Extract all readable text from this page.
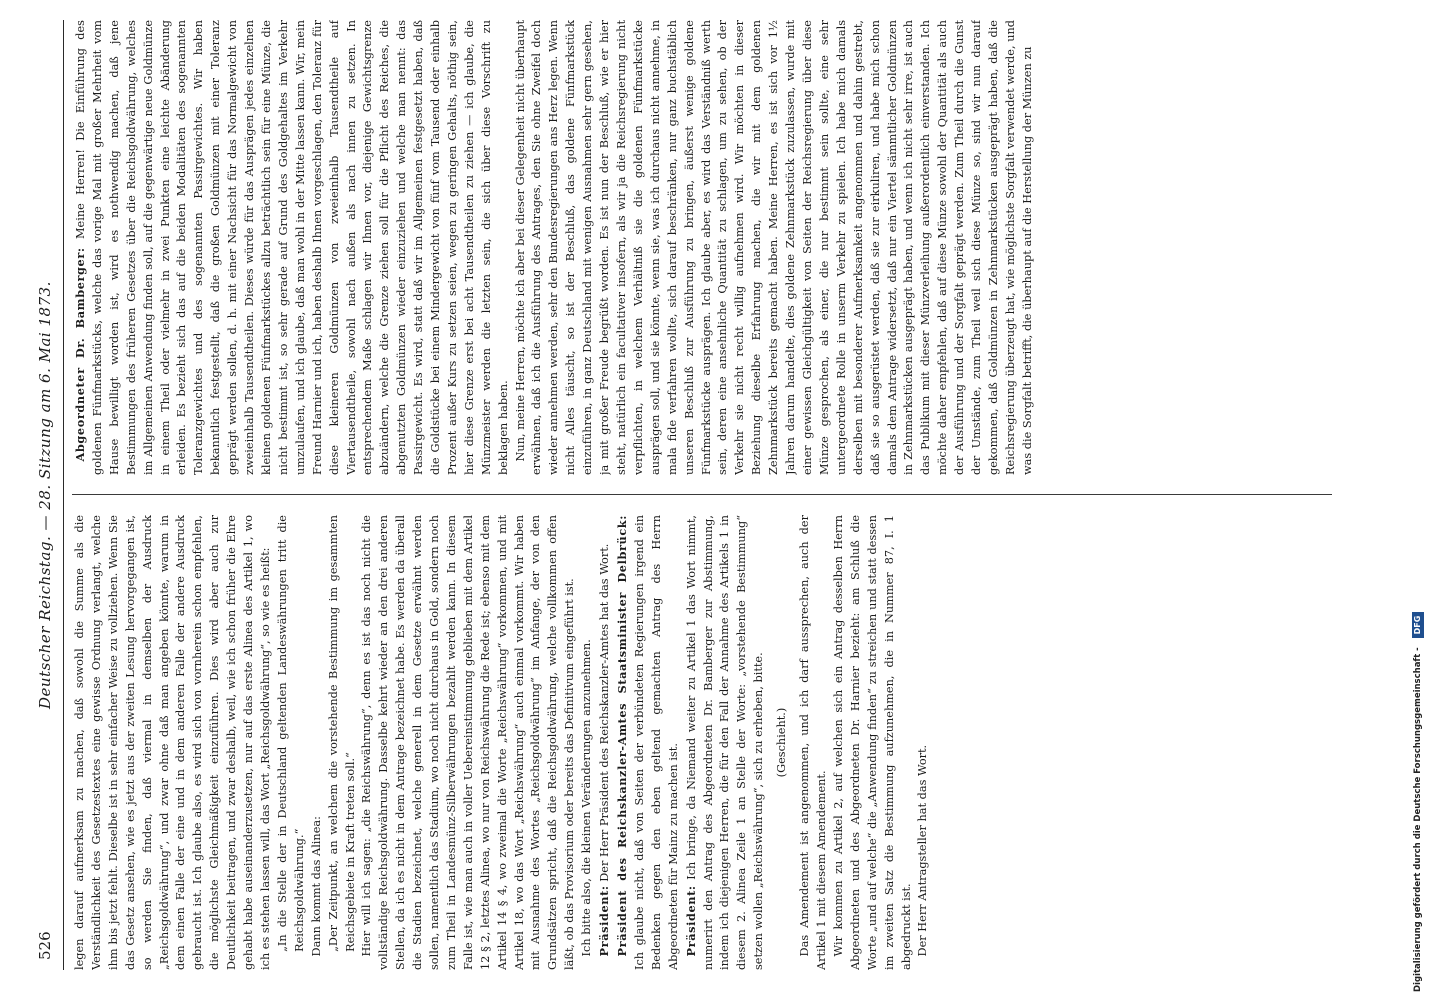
526
Deutscher Reichstag. — 28. Sitzung am 6. Mai 1873.

legen darauf aufmerksam zu machen, daß sowohl die Summe als die Verständlichkeit des Gesetzestextes eine gewisse Ordnung verlangt, welche ihm bis jetzt fehlt. Dieselbe ist in sehr einfacher Weise zu vollziehen. Wenn Sie das Gesetz ansehen, wie es jetzt aus der zweiten Lesung hervorgegangen ist, so werden Sie finden, daß viermal in demselben der Ausdruck „Reichsgoldwährung“, und zwar ohne daß man angeben könnte, warum in dem einen Falle der eine und in dem anderen Falle der andere Ausdruck gebraucht ist. Ich glaube also, es wird sich von vornherein schon empfehlen, die möglichste Gleichmäßigkeit einzuführen. Dies wird aber auch zur Deutlichkeit beitragen, und zwar deshalb, weil, wie ich schon früher die Ehre gehabt habe auseinanderzusetzen, nur auf das erste Alinea des Artikel 1, wo ich es stehen lassen will, das Wort „Reichsgoldwährung“, so wie es heißt: „In die Stelle der in Deutschland geltenden Landeswährungen tritt die Reichsgoldwährung.“ Dann kommt das Alinea: „Der Zeitpunkt, an welchem die vorstehende Bestimmung im gesammten Reichsgebiete in Kraft treten soll.“ Hier will ich sagen: „die Reichswährung“, denn es ist das noch nicht die vollständige Reichsgoldwährung. Dasselbe kehrt wieder an den drei anderen Stellen, da ich es nicht in dem Antrage bezeichnet habe. Es werden da überall die Stadien bezeichnet, welche generell in dem Gesetze erwähnt werden sollen, namentlich das Stadium, wo noch nicht durchaus in Gold, sondern noch zum Theil in Landesmünz-Silberwährungen bezahlt werden kann. In diesem Falle ist, wie man auch in voller Uebereinstimmung geblieben mit dem Artikel 12 § 2, letztes Alinea, wo nur von Reichswährung die Rede ist; ebenso mit dem Artikel 14 § 4, wo zweimal die Worte „Reichswährung“ vorkommen, und mit Artikel 18, wo das Wort „Reichswährung“ auch einmal vorkommt. Wir haben mit Ausnahme des Wortes „Reichsgoldwährung“ im Anfange, der von den Grundsätzen spricht, daß die Reichsgoldwährung, welche vollkommen offen läßt, ob das Provisorium oder bereits das Definitivum eingeführt ist. Ich bitte also, die kleinen Veränderungen anzunehmen. Präsident: Der Herr Präsident des Reichskanzler-Amtes hat das Wort. Präsident des Reichskanzler-Amtes Staatsminister Delbrück: Ich glaube nicht, daß von Seiten der verbündeten Regierungen irgend ein Bedenken gegen den eben geltend gemachten Antrag des Herrn Abgeordneten für Mainz zu machen ist. Präsident: Ich bringe, da Niemand weiter zu Artikel 1 das Wort nimmt, numerirt den Antrag des Abgeordneten Dr. Bamberger zur Abstimmung, indem ich diejenigen Herren, die für den Fall der Annahme des Artikels 1 in diesem 2. Alinea Zeile 1 an Stelle der Worte: „vorstehende Bestimmung“ setzen wollen „Reichswährung“, sich zu erheben, bitte. (Geschieht.) Das Amendement ist angenommen, und ich darf aussprechen, auch der Artikel 1 mit diesem Amendement. Wir kommen zu Artikel 2, auf welchen sich ein Antrag desselben Herrn Abgeordneten und des Abgeordneten Dr. Harnier bezieht: am Schluß die Worte „und auf welche“ die „Anwendung finden“ zu streichen und statt dessen im zweiten Satz die Bestimmung aufzunehmen, die in Nummer 87, I. 1 abgedruckt ist. Der Herr Antragsteller hat das Wort.

Abgeordneter Dr. Bamberger: Meine Herren! Die Einführung des goldenen Fünfmarkstücks, welche das vorige Mal mit großer Mehrheit vom Hause bewilligt worden ist, wird es nothwendig machen, daß jene Bestimmungen des früheren Gesetzes über die Reichsgoldwährung, welches im Allgemeinen Anwendung finden soll, auf die gegenwärtige neue Goldmünze in einem Theil oder vielmehr in zwei Punkten eine leichte Abänderung erleiden. Es bezieht sich das auf die beiden Modalitäten des sogenannten Toleranzgewichtes und des sogenannten Passirgewichtes. Wir haben bekanntlich festgestellt, daß die großen Goldmünzen mit einer Toleranz geprägt werden sollen, d. h. mit einer Nachsicht für das Normalgewicht von zweieinhalb Tausendtheilen. Dieses würde für das Ausprägen jedes einzelnen kleinen goldenen Fünfmarkstückes allzu beträchtlich sein für eine Münze, die nicht bestimmt ist, so sehr gerade auf Grund des Goldgehaltes im Verkehr umzulaufen, und ich glaube, daß man wohl in der Mitte lassen kann. Wir, mein Freund Harnier und ich, haben deshalb Ihnen vorgeschlagen, den Toleranz für diese kleineren Goldmünzen von zweieinhalb Tausendtheile auf Viertausendtheile, sowohl nach außen als nach innen zu setzen. In entsprechendem Maße schlagen wir Ihnen vor, diejenige Gewichtsgrenze abzuändern, welche die Grenze ziehen soll für die Pflicht des Reiches, die abgenutzten Goldmünzen wieder einzuziehen und welche man nennt: das Passirgewicht. Es wird, statt daß wir im Allgemeinen festgesetzt haben, daß die Goldstücke bei einem Mindergewicht von fünf vom Tausend oder einhalb Prozent außer Kurs zu setzen seien, wegen zu geringen Gehalts, nöthig sein, hier diese Grenze erst bei acht Tausendtheilen zu ziehen — ich glaube, die Münzmeister werden die letzten sein, die sich über diese Vorschrift zu beklagen haben. Nun, meine Herren, möchte ich aber bei dieser Gelegenheit nicht überhaupt erwähnen, daß ich die Ausführung des Antrages, den Sie ohne Zweifel doch wieder annehmen werden, sehr den Bundesregierungen ans Herz legen. Wenn nicht Alles täuscht, so ist der Beschluß, das goldene Fünfmarkstück einzuführen, in ganz Deutschland mit wenigen Ausnahmen sehr gern gesehen, ja mit großer Freude begrüßt worden. Es ist nun der Beschluß, wie er hier steht, natürlich ein facultativer insofern, als wir ja die Reichsregierung nicht verpflichten, in welchem Verhältniß sie die goldenen Fünfmarkstücke ausprägen soll, und sie könnte, wenn sie, was ich durchaus nicht annehme, in mala fide verfahren wollte, sich darauf beschränken, nur ganz buchstäblich unseren Beschluß zur Ausführung zu bringen, äußerst wenige goldene Fünfmarkstücke ausprägen. Ich glaube aber, es wird das Verständniß werth sein, deren eine ansehnliche Quantität zu schlagen, um zu sehen, ob der Verkehr sie nicht recht willig aufnehmen wird. Wir möchten in dieser Beziehung dieselbe Erfahrung machen, die wir mit dem goldenen Zehnmarkstück bereits gemacht haben. Meine Herren, es ist sich vor 1½ Jahren darum handelte, dies goldene Zehnmarkstück zuzulassen, wurde mit einer gewissen Gleichgültigkeit von Seiten der Reichsregierung über diese Münze gesprochen, als einer, die nur bestimmt sein sollte, eine sehr untergeordnete Rolle in unserm Verkehr zu spielen. Ich habe mich damals derselben mit besonderer Aufmerksamkeit angenommen und dahin gestrebt, daß sie so ausgerüstet werden, daß sie zur eirkuliren, und habe mich schon damals dem Antrage widersetzt, daß nur ein Viertel sämmtlicher Goldmünzen in Zehnmarkstücken ausgeprägt haben, und wenn ich nicht sehr irre, ist auch das Publikum mit dieser Münzverleihung außerordentlich einverstanden. Ich möchte daher empfehlen, daß auf diese Münze sowohl der Quantität als auch der Ausführung und der Sorgfalt geprägt werden. Zum Theil durch die Gunst der Umstände, zum Theil weil sich diese Münze so, sind wir nun darauf gekommen, daß Goldmünzen in Zehnmarkstücken ausgeprägt haben, daß die Reichsregierung überzeugt hat, wie möglichste Sorgfalt verwendet werde, und was die Sorgfalt betrifft, die überhaupt auf die Herstellung der Münzen zu

Digitalisierung gefördert durch die Deutsche Forschungsgemeinschaft - DFG
